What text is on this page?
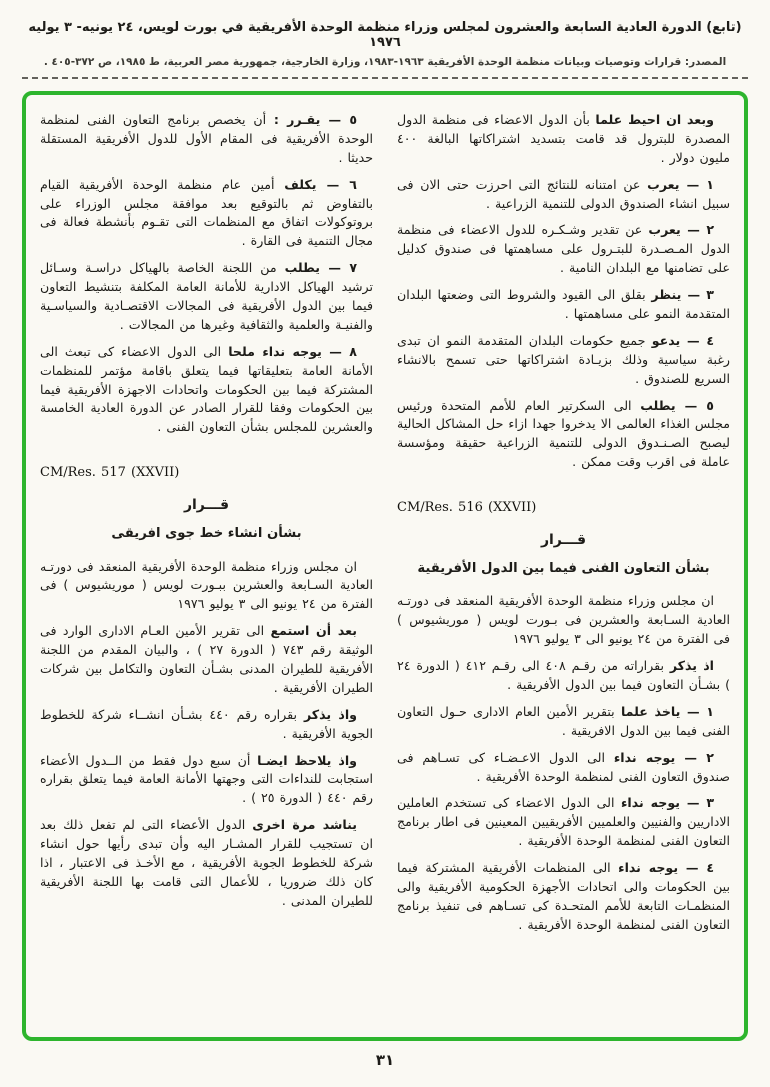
(تابع) الدورة العادية السابعة والعشرون لمجلس وزراء منظمة الوحدة الأفريقية في بورت لويس، ٢٤ يونيه- ٣ يوليه ١٩٧٦
المصدر: قرارات وتوصيات وبيانات منظمة الوحدة الأفريقية ١٩٦٣-١٩٨٣، وزارة الخارجية، جمهورية مصر العربية، ط ١٩٨٥، ص ٣٧٢-٤٠٥ .

وبعد ان احيط علما بأن الدول الاعضاء فى منظمة الدول المصدرة للبترول قد قامت بتسديد اشتراكاتها البالغة ٤٠٠ مليون دولار .

١ — يعرب عن امتنانه للنتائج التى احرزت حتى الان فى سبيل انشاء الصندوق الدولى للتنمية الزراعية .

٢ — يعرب عن تقدير وشـكـره للدول الاعضاء فى منظمة الدول المـصـدرة للبتـرول على مساهمتها فى صندوق كدليل على تضامنها مع البلدان النامية .

٣ — ينظر بقلق الى القيود والشروط التى وضعتها البلدان المتقدمة النمو على مساهمتها .

٤ — يدعو جميع حكومات البلدان المتقدمة النمو ان تبدى رغبة سياسية وذلك بزيـادة اشتراكاتها حتى تسمح بالانشاء السريع للصندوق .

٥ — يطلب الى السكرتير العام للأمم المتحدة ورئيس مجلس الغذاء العالمى الا يدخروا جهدا ازاء حل المشاكل الحالية ليصبح الصـنـدوق الدولى للتنمية الزراعية حقيقة ومؤسسة عاملة فى اقرب وقت ممكن .

CM/Res. 516 (XXVII)

قـــرار

بشأن التعاون الفنى فيما بين الدول الأفريقية

ان مجلس وزراء منظمة الوحدة الأفريقية المنعقد فى دورتـه العادية السـابعة والعشرين فى بـورت لويس ( موريشيوس ) فى الفترة من ٢٤ يونيو الى ٣ يوليو ١٩٧٦

اذ يذكر بقراراته من رقـم ٤٠٨ الى رقـم ٤١٢ ( الدورة ٢٤ ) بشـأن التعاون فيما بين الدول الأفريقية .

١ — ياخذ علما بتقرير الأمين العام الادارى حـول التعاون الفنى فيما بين الدول الافريقية .

٢ — يوجه نداء الى الدول الاعـضـاء كى تسـاهم فى صندوق التعاون الفنى لمنظمة الوحدة الأفريقية .

٣ — يوجه نداء الى الدول الاعضاء كى تستخدم العاملين الاداريين والفنيين والعلميين الأفريقيين المعينين فى اطار برنامج التعاون الفنى لمنظمة الوحدة الأفريقية .

٤ — يوجه نداء الى المنظمات الأفريقية المشتركة فيما بين الحكومات والى اتحادات الأجهزة الحكومية الأفريقية والى المنظمـات التابعة للأمم المتحـدة كى تسـاهم فى تنفيذ برنامج التعاون الفنى لمنظمة الوحدة الأفريقية .

٥ — يقـرر : أن يخصص برنامج التعاون الفنى لمنظمة الوحدة الأفريقية فى المقام الأول للدول الأفريقية المستقلة حديثا .

٦ — يكلف أمين عام منظمة الوحدة الأفريقية القيام بالتفاوض ثم بالتوقيع بعد موافقة مجلس الوزراء على بروتوكولات اتفاق مع المنظمات التى تقـوم بأنشطة فعالة فى مجال التنمية فى القارة .

٧ — يطلب من اللجنة الخاصة بالهياكل دراسـة وسـائل ترشيد الهياكل الادارية للأمانة العامة المكلفة بتنشيط التعاون فيما بين الدول الأفريقية فى المجالات الاقتصـادية والسياسـية والفنيـة والعلمية والثقافية وغيرها من المجالات .

٨ — يوجه نداء ملحا الى الدول الاعضاء كى تبعث الى الأمانة العامة بتعليقاتها فيما يتعلق باقامة مؤتمر للمنظمات المشتركة فيما بين الحكومات واتحادات الاجهزة الأفريقية فيما بين الحكومات وفقا للقرار الصادر عن الدورة العادية الخامسة والعشرين للمجلس بشأن التعاون الفنى .

CM/Res. 517 (XXVII)

قـــرار

بشأن انشاء خط جوى افريقى

ان مجلس وزراء منظمة الوحدة الأفريقية المنعقد فى دورتـه العادية السـابعة والعشرين ببـورت لويس ( موريشيوس ) فى الفترة من ٢٤ يونيو الى ٣ يوليو ١٩٧٦

بعد أن استمع الى تقرير الأمين العـام الادارى الوارد فى الوثيقة رقم ٧٤٣ ( الدورة ٢٧ ) ، والبيان المقدم من اللجنة الأفريقية للطيران المدنى بشـأن التعاون والتكامل بين شركات الطيران الأفريقية .

واذ يذكر بقراره رقم ٤٤٠ بشـأن انشــاء شركة للخطوط الجوية الأفريقية .

واذ يلاحظ ايضـا أن سبع دول فقط من الــدول الأعضاء استجابت للنداءات التى وجهتها الأمانة العامة فيما يتعلق بقراره رقم ٤٤٠ ( الدورة ٢٥ ) .

يناشد مرة اخرى الدول الأعضاء التى لم تفعل ذلك بعد ان تستجيب للقرار المشـار اليه وأن تبدى رأيها حول انشاء شركة للخطوط الجوية الأفريقية ، مع الأخـذ فى الاعتبار ، اذا كان ذلك ضروريا ، للأعمال التى قامت بها اللجنة الأفريقية للطيران المدنى .

٣١
